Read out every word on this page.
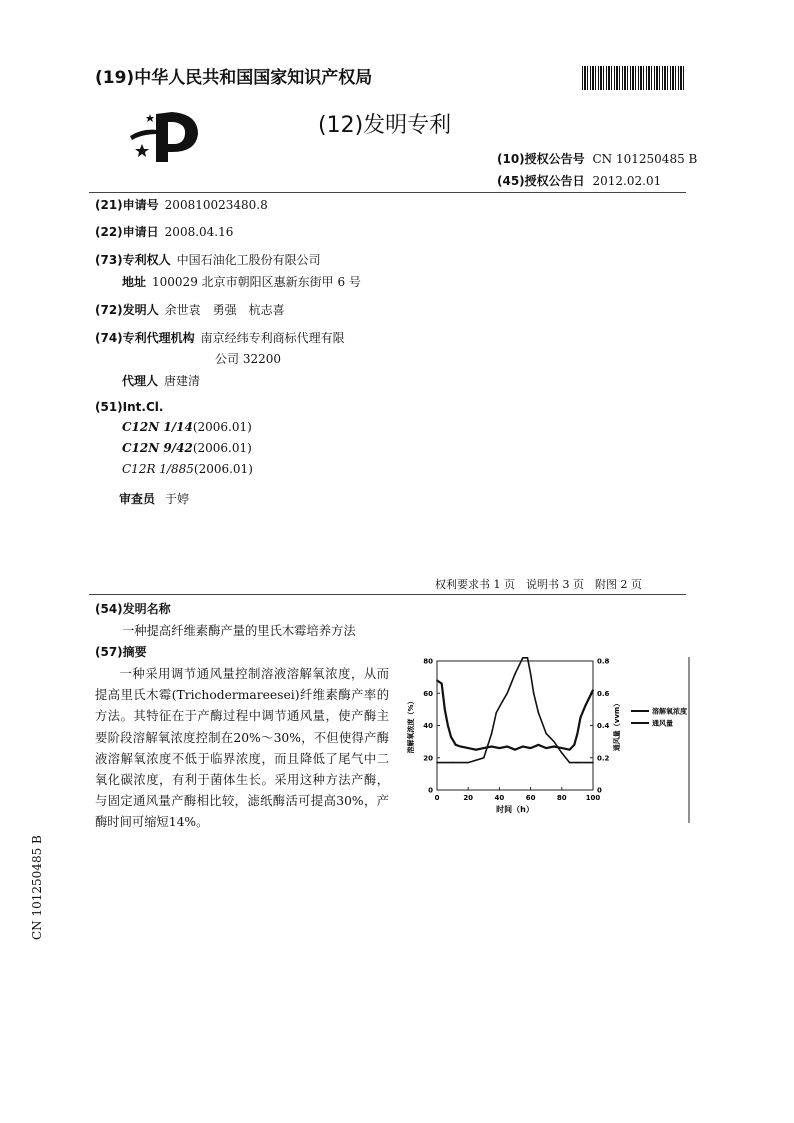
(19)中华人民共和国国家知识产权局
(12)发明专利
(10)授权公告号 CN 101250485 B
(45)授权公告日 2012.02.01
(21)申请号 200810023480.8
(22)申请日 2008.04.16
(73)专利权人 中国石油化工股份有限公司
地址 100029 北京市朝阳区惠新东街甲 6 号
(72)发明人 余世袁　勇强　杭志喜
(74)专利代理机构 南京经纬专利商标代理有限
公司 32200
代理人 唐建清
(51)Int.Cl.
C12N 1/14(2006.01)
C12N 9/42(2006.01)
C12R 1/885(2006.01)
审查员 于婷
权利要求书 1 页　说明书 3 页　附图 2 页
(54)发明名称
一种提高纤维素酶产量的里氏木霉培养方法
(57)摘要

一种采用调节通风量控制溶液溶解氧浓度，从而提高里氏木霉(Trichodermareesei)纤维素酶产率的方法。其特征在于产酶过程中调节通风量，使产酶主要阶段溶解氧浓度控制在20%～30%，不但使得产酶液溶解氧浓度不低于临界浓度，而且降低了尾气中二氧化碳浓度，有利于菌体生长。采用这种方法产酶，与固定通风量产酶相比较，滤纸酶活可提高30%，产酶时间可缩短14%。

0	20	40	60	80	100
0
20
40
60
80
0
0.2
0.4
0.6
0.8
时间（h）
溶解氧浓度（%）	通风量（vvm）	溶解氧浓度
通风量
CN 101250485 B
